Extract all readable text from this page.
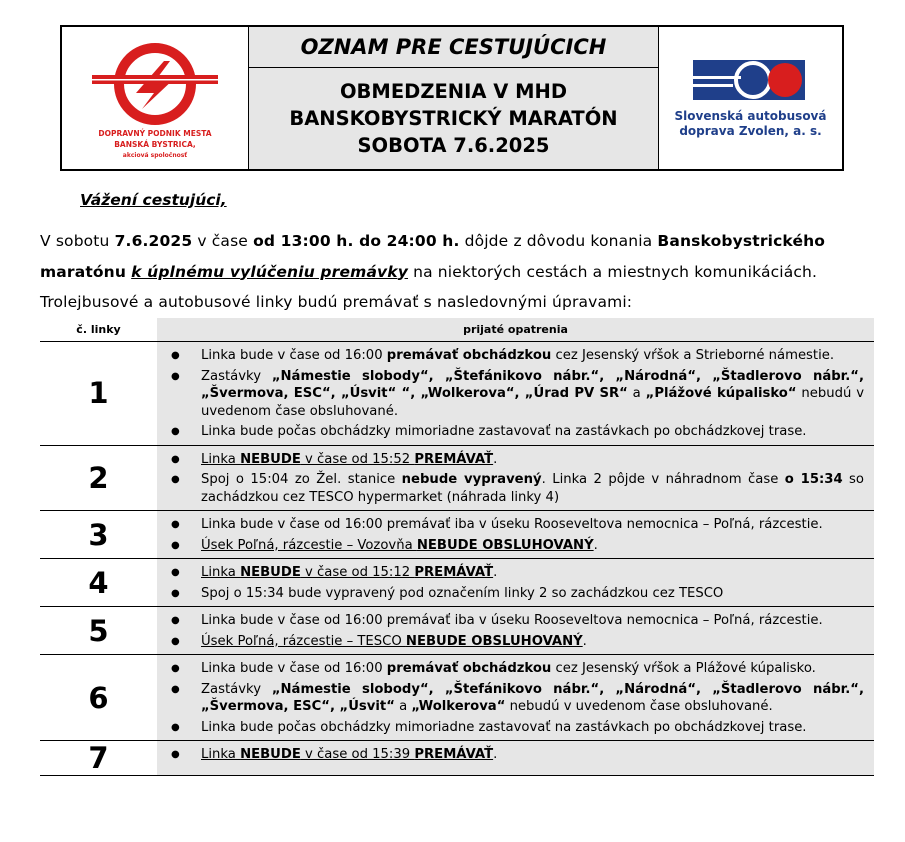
DOPRAVNÝ PODNIK MESTA
BANSKÁ BYSTRICA,
akciová spoločnosť
OZNAM PRE CESTUJÚCICH
OBMEDZENIA V MHD
BANSKOBYSTRICKÝ MARATÓN
SOBOTA 7.6.2025
Slovenská autobusová
doprava Zvolen, a. s.
Vážení cestujúci,
V sobotu 7.6.2025 v čase od 13:00 h. do 24:00 h. dôjde z dôvodu konania Banskobystrického maratónu k úplnému vylúčeniu premávky na niektorých cestách a miestnych komunikáciách. Trolejbusové a autobusové linky budú premávať s nasledovnými úpravami:
č. linky	prijaté opatrenia
1
●	Linka bude v čase od 16:00 premávať obchádzkou cez Jesenský vŕšok a Strieborné námestie.
●	Zastávky „Námestie slobody“, „Štefánikovo nábr.“, „Národná“, „Štadlerovo nábr.“, „Švermova, ESC“, „Úsvit“ “, „Wolkerova“, „Úrad PV SR“ a „Plážové kúpalisko“ nebudú v uvedenom čase obsluhované.
●	Linka bude počas obchádzky mimoriadne zastavovať na zastávkach po obchádzkovej trase.
2
●	Linka NEBUDE v čase od 15:52 PREMÁVAŤ.
●	Spoj o 15:04 zo Žel. stanice nebude vypravený. Linka 2 pôjde v náhradnom čase o 15:34 so zachádzkou cez TESCO hypermarket (náhrada linky 4)
3	●	Linka bude v čase od 16:00 premávať iba v úseku Rooseveltova nemocnica – Poľná, rázcestie.
●	Úsek Poľná, rázcestie – Vozovňa NEBUDE OBSLUHOVANÝ.
4	●	Linka NEBUDE v čase od 15:12 PREMÁVAŤ.
●	Spoj o 15:34 bude vypravený pod označením linky 2 so zachádzkou cez TESCO
5	●	Linka bude v čase od 16:00 premávať iba v úseku Rooseveltova nemocnica – Poľná, rázcestie.
●	Úsek Poľná, rázcestie – TESCO NEBUDE OBSLUHOVANÝ.
6
●	Linka bude v čase od 16:00 premávať obchádzkou cez Jesenský vŕšok a Plážové kúpalisko.
●	Zastávky „Námestie slobody“, „Štefánikovo nábr.“, „Národná“, „Štadlerovo nábr.“, „Švermova, ESC“, „Úsvit“ a „Wolkerova“ nebudú v uvedenom čase obsluhované.
●	Linka bude počas obchádzky mimoriadne zastavovať na zastávkach po obchádzkovej trase.
7	●	Linka NEBUDE v čase od 15:39 PREMÁVAŤ.
